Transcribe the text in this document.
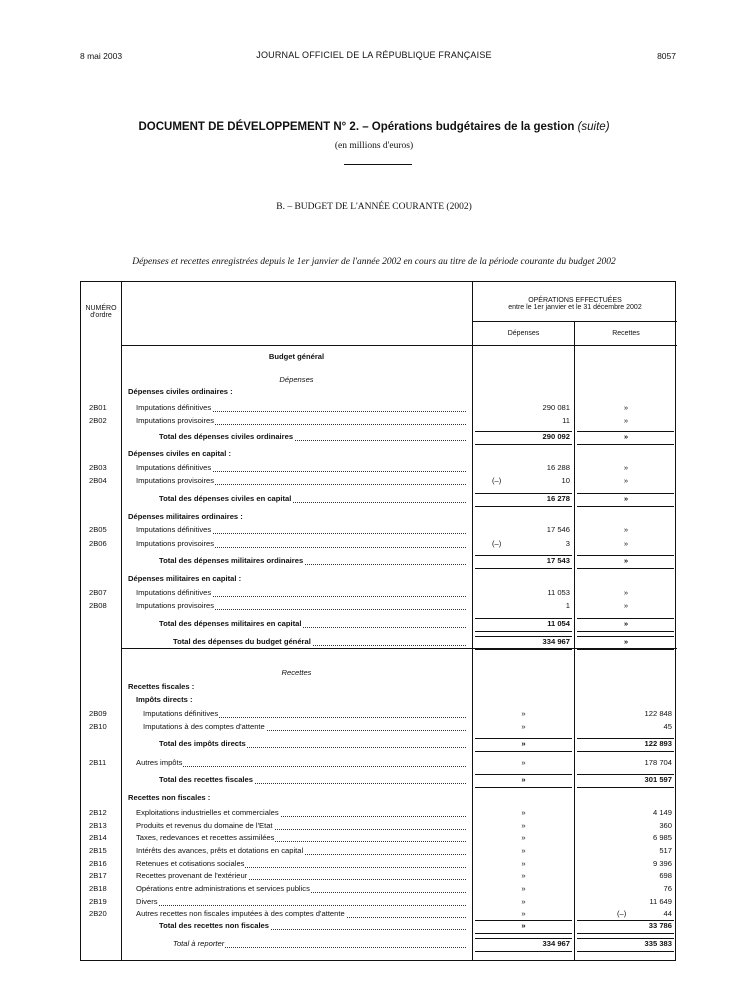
8 mai 2003	JOURNAL OFFICIEL DE LA RÉPUBLIQUE FRANÇAISE	8057
DOCUMENT DE DÉVELOPPEMENT N° 2. – Opérations budgétaires de la gestion (suite)
(en millions d'euros)
B. – BUDGET DE L'ANNÉE COURANTE (2002)
Dépenses et recettes enregistrées depuis le 1er janvier de l'année 2002 en cours au titre de la période courante du budget 2002
NUMÉRO
d'ordre
OPÉRATIONS EFFECTUÉES
entre le 1er janvier et le 31 décembre 2002
Dépenses	Recettes
Budget général
Dépenses
Dépenses civiles ordinaires :
2B01	Imputations définitives	290 081	»
2B02	Imputations provisoires	11	»
Total des dépenses civiles ordinaires	290 092	»
Dépenses civiles en capital :
2B03	Imputations définitives	16 288	»
2B04	Imputations provisoires	(–)	10	»
Total des dépenses civiles en capital	16 278	»
Dépenses militaires ordinaires :
2B05	Imputations définitives	17 546	»
2B06	Imputations provisoires	(–)	3	»
Total des dépenses militaires ordinaires	17 543	»
Dépenses militaires en capital :
2B07	Imputations définitives	11 053	»
2B08	Imputations provisoires	1	»
Total des dépenses militaires en capital	11 054	»
Total des dépenses du budget général	334 967	»
Recettes
Recettes fiscales :
Impôts directs :
2B09	Imputations définitives	»	122 848
2B10	Imputations à des comptes d'attente	»	45
Total des impôts directs	»	122 893
2B11	Autres impôts	»	178 704
Total des recettes fiscales	»	301 597
Recettes non fiscales :
2B12	Exploitations industrielles et commerciales	»	4 149
2B13	Produits et revenus du domaine de l'Etat	»	360
2B14	Taxes, redevances et recettes assimilées	»	6 985
2B15	Intérêts des avances, prêts et dotations en capital	»	517
2B16	Retenues et cotisations sociales	»	9 396
2B17	Recettes provenant de l'extérieur	»	698
2B18	Opérations entre administrations et services publics	»	76
2B19	Divers	»	11 649
2B20	Autres recettes non fiscales imputées à des comptes d'attente	»	(–)	44
Total des recettes non fiscales	»	33 786
Total à reporter	334 967	335 383
